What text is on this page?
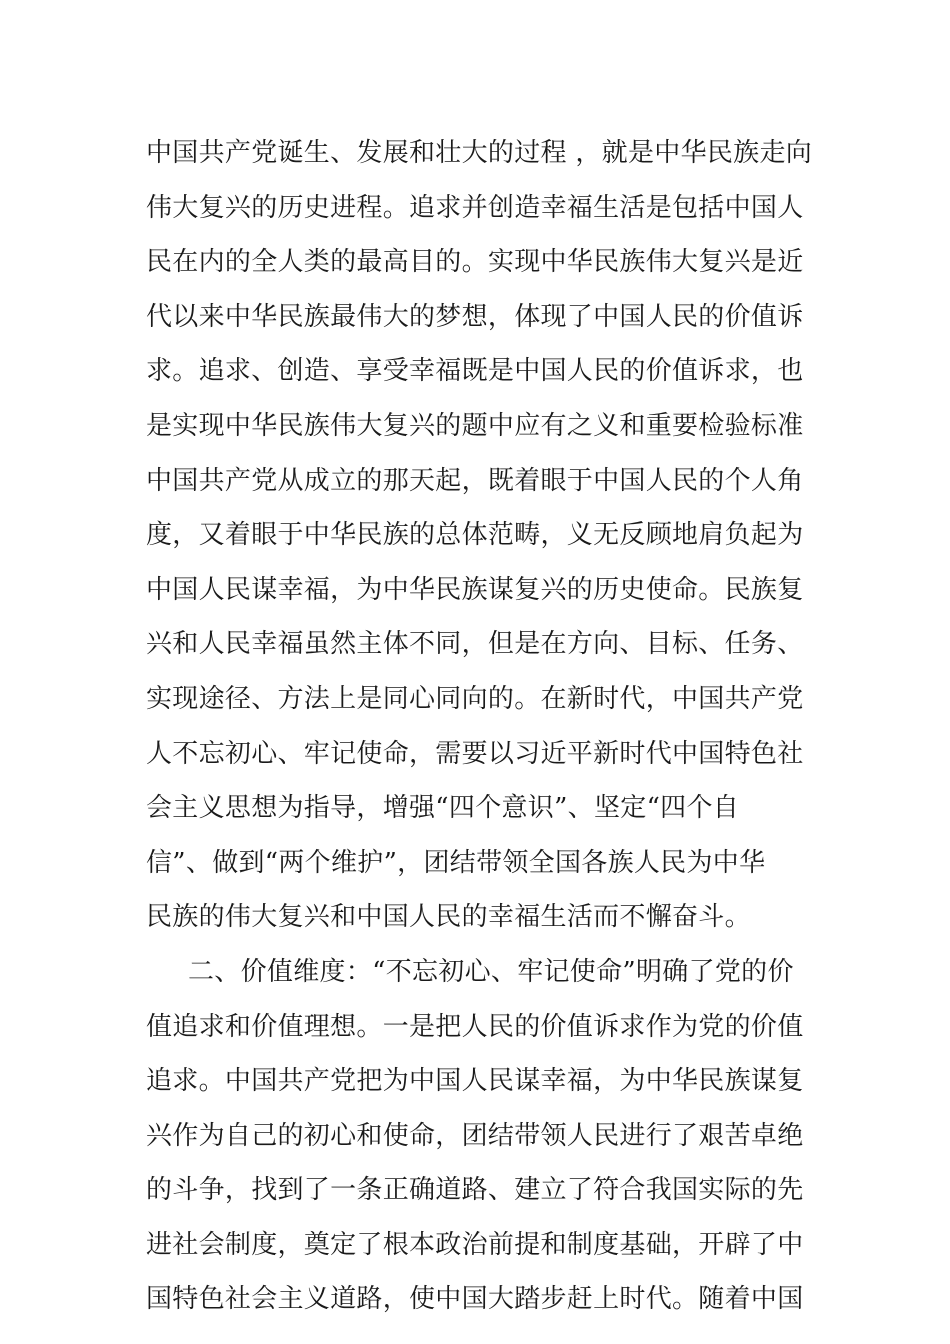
中国共产党诞生、发展和壮大的过程 ，就是中华民族走向
伟大复兴的历史进程。追求并创造幸福生活是包括中国人
民在内的全人类的最高目的。实现中华民族伟大复兴是近
代以来中华民族最伟大的梦想，体现了中国人民的价值诉
求。追求、创造、享受幸福既是中国人民的价值诉求，也
是实现中华民族伟大复兴的题中应有之义和重要检验标准
中国共产党从成立的那天起，既着眼于中国人民的个人角
度，又着眼于中华民族的总体范畴，义无反顾地肩负起为
中国人民谋幸福，为中华民族谋复兴的历史使命。民族复
兴和人民幸福虽然主体不同，但是在方向、目标、任务、
实现途径、方法上是同心同向的。在新时代，中国共产党
人不忘初心、牢记使命，需要以习近平新时代中国特色社
会主义思想为指导，增强“四个意识”、坚定“四个自
信”、做到“两个维护”，团结带领全国各族人民为中华
民族的伟大复兴和中国人民的幸福生活而不懈奋斗。
二、价值维度：“不忘初心、牢记使命”明确了党的价
值追求和价值理想。一是把人民的价值诉求作为党的价值
追求。中国共产党把为中国人民谋幸福，为中华民族谋复
兴作为自己的初心和使命，团结带领人民进行了艰苦卓绝
的斗争，找到了一条正确道路、建立了符合我国实际的先
进社会制度，奠定了根本政治前提和制度基础，开辟了中
国特色社会主义道路，使中国大踏步赶上时代。随着中国
